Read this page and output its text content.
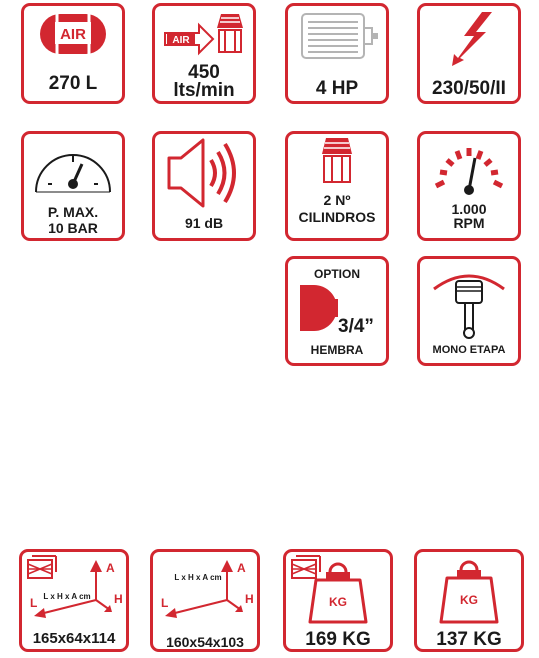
AIR
270 L
AIR
450
lts/min	4 HP	230/50/II
P. MAX.
10 BAR	91 dB
2 Nº
CILINDROS	1.000
RPM
OPTION
3/4”
HEMBRA	MONO ETAPA
A
L	H
L x H x A cm
165x64x114
A
L	H
L x H x A cm
160x54x103
KG
169 KG
KG
137 KG
